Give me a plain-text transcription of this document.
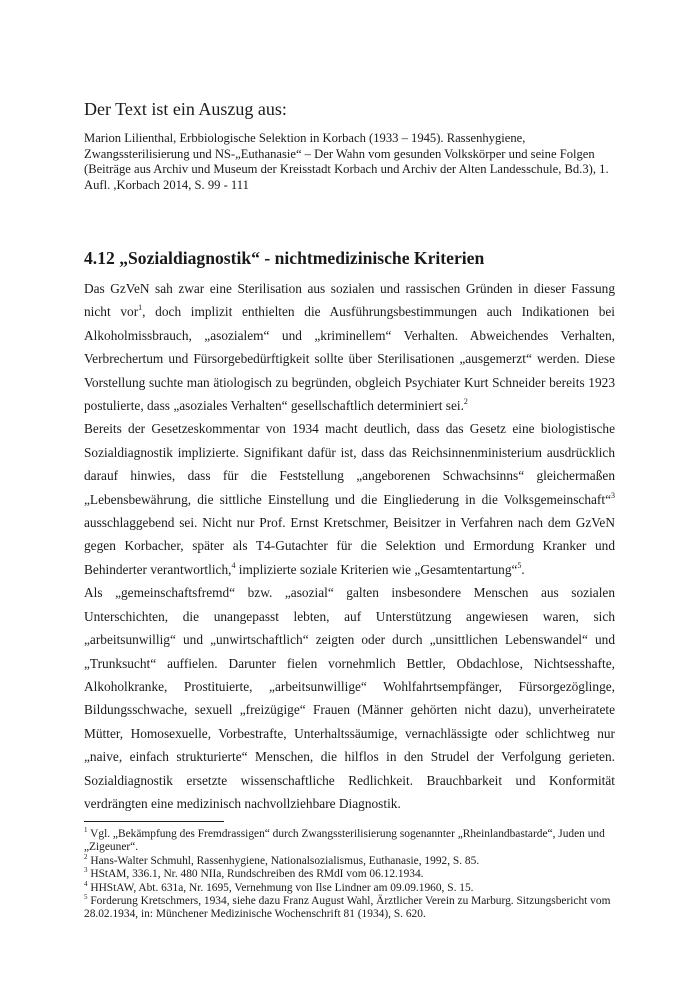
Der Text ist ein Auszug aus:
Marion Lilienthal, Erbbiologische Selektion in Korbach (1933 – 1945). Rassenhygiene, Zwangssterilisierung und NS-„Euthanasie“ – Der Wahn vom gesunden Volkskörper und seine Folgen (Beiträge aus Archiv und Museum der Kreisstadt Korbach und Archiv der Alten Landesschule, Bd.3), 1. Aufl. ,Korbach 2014, S. 99 - 111
4.12 „Sozialdiagnostik“ - nichtmedizinische Kriterien

Das GzVeN sah zwar eine Sterilisation aus sozialen und rassischen Gründen in dieser Fassung nicht vor$^1$, doch implizit enthielten die Ausführungsbestimmungen auch Indikationen bei Alkoholmissbrauch, „asozialem“ und „kriminellem“ Verhalten. Abweichendes Verhalten, Verbrechertum und Fürsorgebedürftigkeit sollte über Sterilisationen „ausgemerzt“ werden. Diese Vorstellung suchte man ätiologisch zu begründen, obgleich Psychiater Kurt Schneider bereits 1923 postulierte, dass „asoziales Verhalten“ gesellschaftlich determiniert sei.$^2$

Bereits der Gesetzeskommentar von 1934 macht deutlich, dass das Gesetz eine biologistische Sozialdiagnostik implizierte. Signifikant dafür ist, dass das Reichsinnenministerium ausdrücklich darauf hinwies, dass für die Feststellung „angeborenen Schwachsinns“ gleichermaßen „Lebensbewährung, die sittliche Einstellung und die Eingliederung in die Volksgemeinschaft“$^3$ ausschlaggebend sei. Nicht nur Prof. Ernst Kretschmer, Beisitzer in Verfahren nach dem GzVeN gegen Korbacher, später als T4-Gutachter für die Selektion und Ermordung Kranker und Behinderter verantwortlich,$^4$ implizierte soziale Kriterien wie „Gesamtentartung“$^5$.

Als „gemeinschaftsfremd“ bzw. „asozial“ galten insbesondere Menschen aus sozialen Unterschichten, die unangepasst lebten, auf Unterstützung angewiesen waren, sich „arbeitsunwillig“ und „unwirtschaftlich“ zeigten oder durch „unsittlichen Lebenswandel“ und „Trunksucht“ auffielen. Darunter fielen vornehmlich Bettler, Obdachlose, Nichtsesshafte, Alkoholkranke, Prostituierte, „arbeitsunwillige“ Wohlfahrtsempfänger, Fürsorgezöglinge, Bildungsschwache, sexuell „freizügige“ Frauen (Männer gehörten nicht dazu), unverheiratete Mütter, Homosexuelle, Vorbestrafte, Unterhaltssäumige, vernachlässigte oder schlichtweg nur „naive, einfach strukturierte“ Menschen, die hilflos in den Strudel der Verfolgung gerieten. Sozialdiagnostik ersetzte wissenschaftliche Redlichkeit. Brauchbarkeit und Konformität verdrängten eine medizinisch nachvollziehbare Diagnostik.

$^1$ Vgl. „Bekämpfung des Fremdrassigen“ durch Zwangssterilisierung sogenannter „Rheinlandbastarde“, Juden und „Zigeuner“.
$^2$ Hans-Walter Schmuhl, Rassenhygiene, Nationalsozialismus, Euthanasie, 1992, S. 85.
$^3$ HStAM, 336.1, Nr. 480 NIIa, Rundschreiben des RMdI vom 06.12.1934.
$^4$ HHStAW, Abt. 631a, Nr. 1695, Vernehmung von Ilse Lindner am 09.09.1960, S. 15.
$^5$ Forderung Kretschmers, 1934, siehe dazu Franz August Wahl, Ärztlicher Verein zu Marburg. Sitzungsbericht vom 28.02.1934, in: Münchener Medizinische Wochenschrift 81 (1934), S. 620.
